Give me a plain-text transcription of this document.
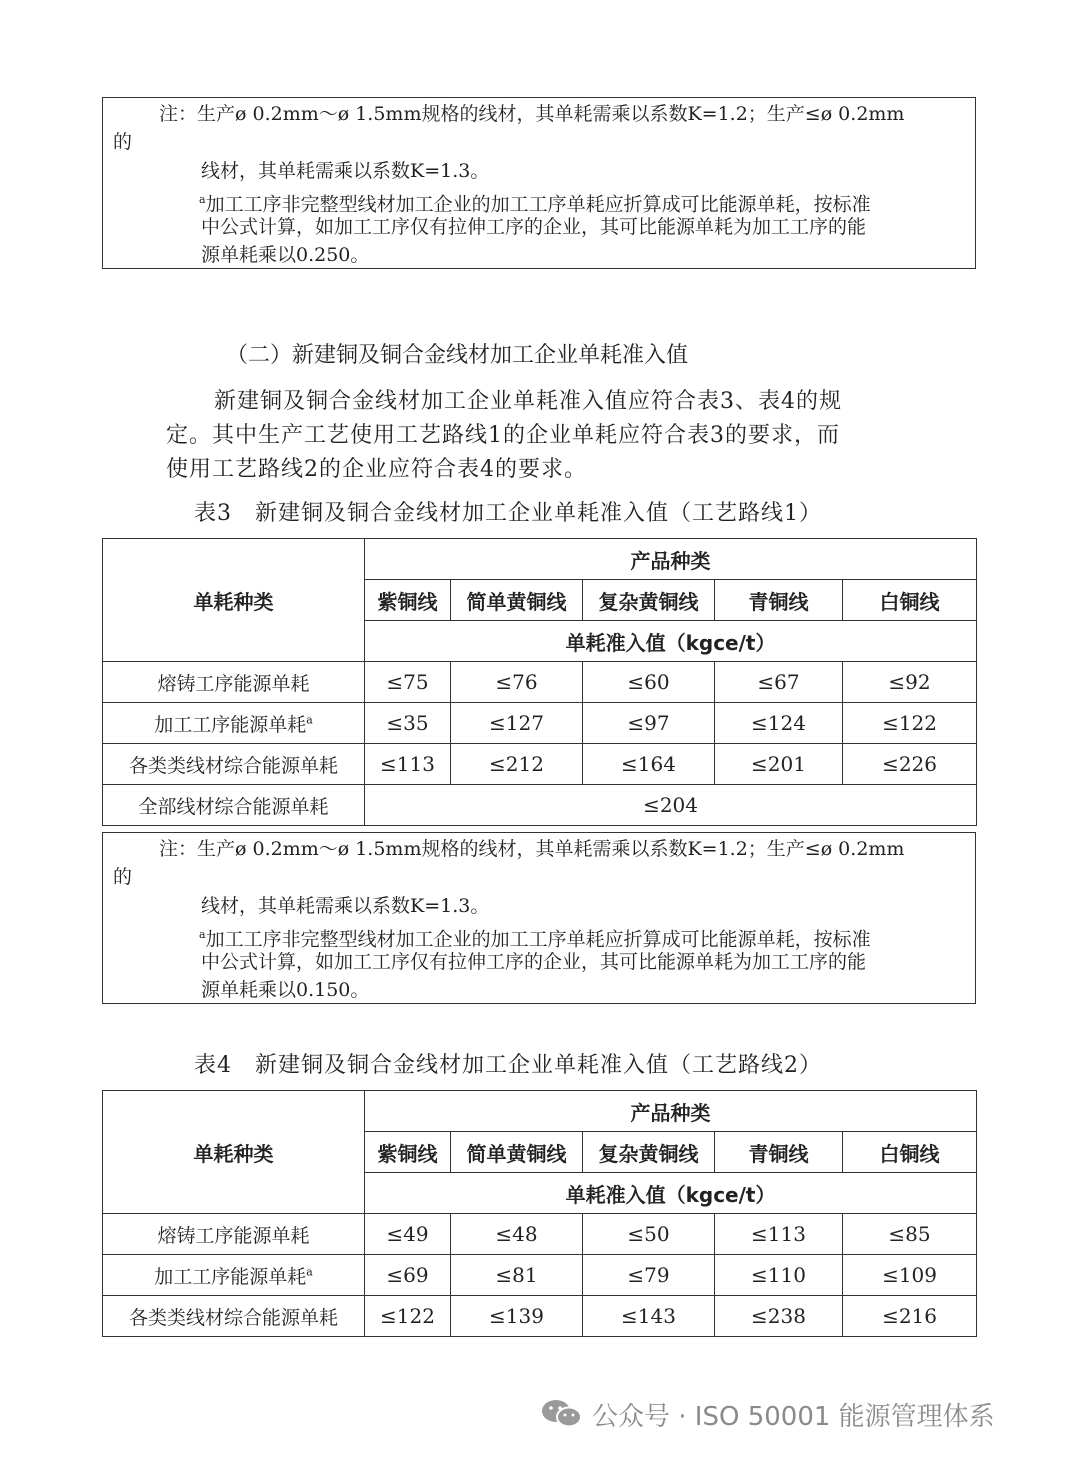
注：生产ø 0.2mm～ø 1.5mm规格的线材，其单耗需乘以系数K=1.2；生产≤ø 0.2mm
的
线材，其单耗需乘以系数K=1.3。
$^a$加工工序非完整型线材加工企业的加工工序单耗应折算成可比能源单耗，按标准
中公式计算，如加工工序仅有拉伸工序的企业，其可比能源单耗为加工工序的能
源单耗乘以0.250。
（二）新建铜及铜合金线材加工企业单耗准入值
新建铜及铜合金线材加工企业单耗准入值应符合表3、表4的规
定。其中生产工艺使用工艺路线1的企业单耗应符合表3的要求，而
使用工艺路线2的企业应符合表4的要求。
表3　新建铜及铜合金线材加工企业单耗准入值（工艺路线1）
单耗种类	产品种类				
	紫铜线	简单黄铜线	复杂黄铜线	青铜线	白铜线
	单耗准入值（kgce/t）				
熔铸工序能源单耗	≤75	≤76	≤60	≤67	≤92
加工工序能源单耗$^a$	≤35	≤127	≤97	≤124	≤122
各类类线材综合能源单耗	≤113	≤212	≤164	≤201	≤226
全部线材综合能源单耗	≤204				
注：生产ø 0.2mm～ø 1.5mm规格的线材，其单耗需乘以系数K=1.2；生产≤ø 0.2mm
的
线材，其单耗需乘以系数K=1.3。
$^a$加工工序非完整型线材加工企业的加工工序单耗应折算成可比能源单耗，按标准
中公式计算，如加工工序仅有拉伸工序的企业，其可比能源单耗为加工工序的能
源单耗乘以0.150。
表4　新建铜及铜合金线材加工企业单耗准入值（工艺路线2）
单耗种类	产品种类				
	紫铜线	简单黄铜线	复杂黄铜线	青铜线	白铜线
	单耗准入值（kgce/t）				
熔铸工序能源单耗	≤49	≤48	≤50	≤113	≤85
加工工序能源单耗$^a$	≤69	≤81	≤79	≤110	≤109
各类类线材综合能源单耗	≤122	≤139	≤143	≤238	≤216
公众号 · ISO 50001 能源管理体系
